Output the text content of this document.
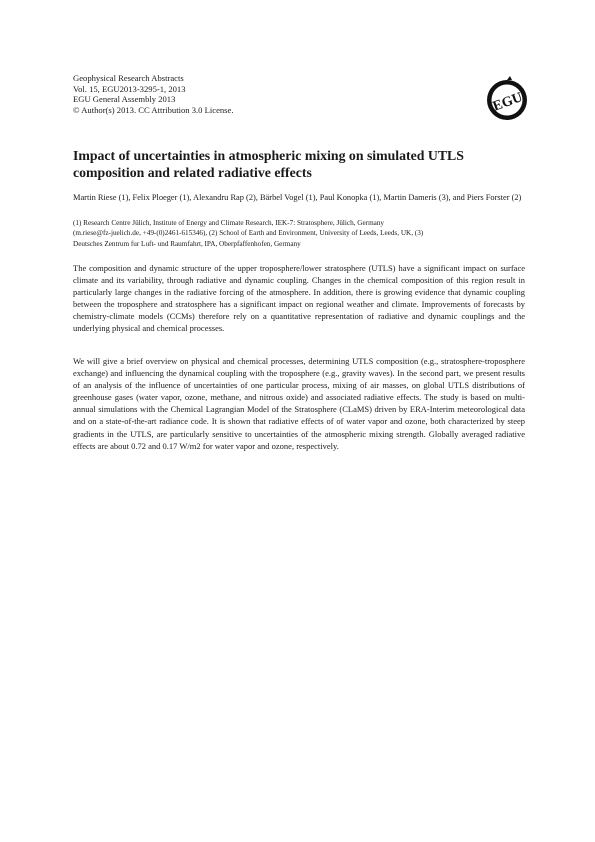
Geophysical Research Abstracts
Vol. 15, EGU2013-3295-1, 2013
EGU General Assembly 2013
© Author(s) 2013. CC Attribution 3.0 License.	EGU
Impact of uncertainties in atmospheric mixing on simulated UTLS composition and related radiative effects

Martin Riese (1), Felix Ploeger (1), Alexandru Rap (2), Bärbel Vogel (1), Paul Konopka (1), Martin Dameris (3), and Piers Forster (2)

(1) Research Centre Jülich, Institute of Energy and Climate Research, IEK-7: Stratosphere, Jülich, Germany
(m.riese@fz-juelich.de, +49-(0)2461-615346), (2) School of Earth and Environment, University of Leeds, Leeds, UK, (3)
Deutsches Zentrum fur Luft- und Raumfahrt, IPA, Oberpfaffenhofen, Germany

The composition and dynamic structure of the upper troposphere/lower stratosphere (UTLS) have a significant impact on surface climate and its variability, through radiative and dynamic coupling. Changes in the chemical composition of this region result in particularly large changes in the radiative forcing of the atmosphere. In addition, there is growing evidence that dynamic coupling between the troposphere and stratosphere has a significant impact on regional weather and climate. Improvements of forecasts by chemistry-climate models (CCMs) therefore rely on a quantitative representation of radiative and dynamic couplings and the underlying physical and chemical processes.

We will give a brief overview on physical and chemical processes, determining UTLS composition (e.g., stratosphere-troposphere exchange) and influencing the dynamical coupling with the troposphere (e.g., gravity waves). In the second part, we present results of an analysis of the influence of uncertainties of one particular process, mixing of air masses, on global UTLS distributions of greenhouse gases (water vapor, ozone, methane, and nitrous oxide) and associated radiative effects. The study is based on multi-annual simulations with the Chemical Lagrangian Model of the Stratosphere (CLaMS) driven by ERA-Interim meteorological data and on a state-of-the-art radiance code. It is shown that radiative effects of of water vapor and ozone, both characterized by steep gradients in the UTLS, are particularly sensitive to uncertainties of the atmospheric mixing strength. Globally averaged radiative effects are about 0.72 and 0.17 W/m2 for water vapor and ozone, respectively.
